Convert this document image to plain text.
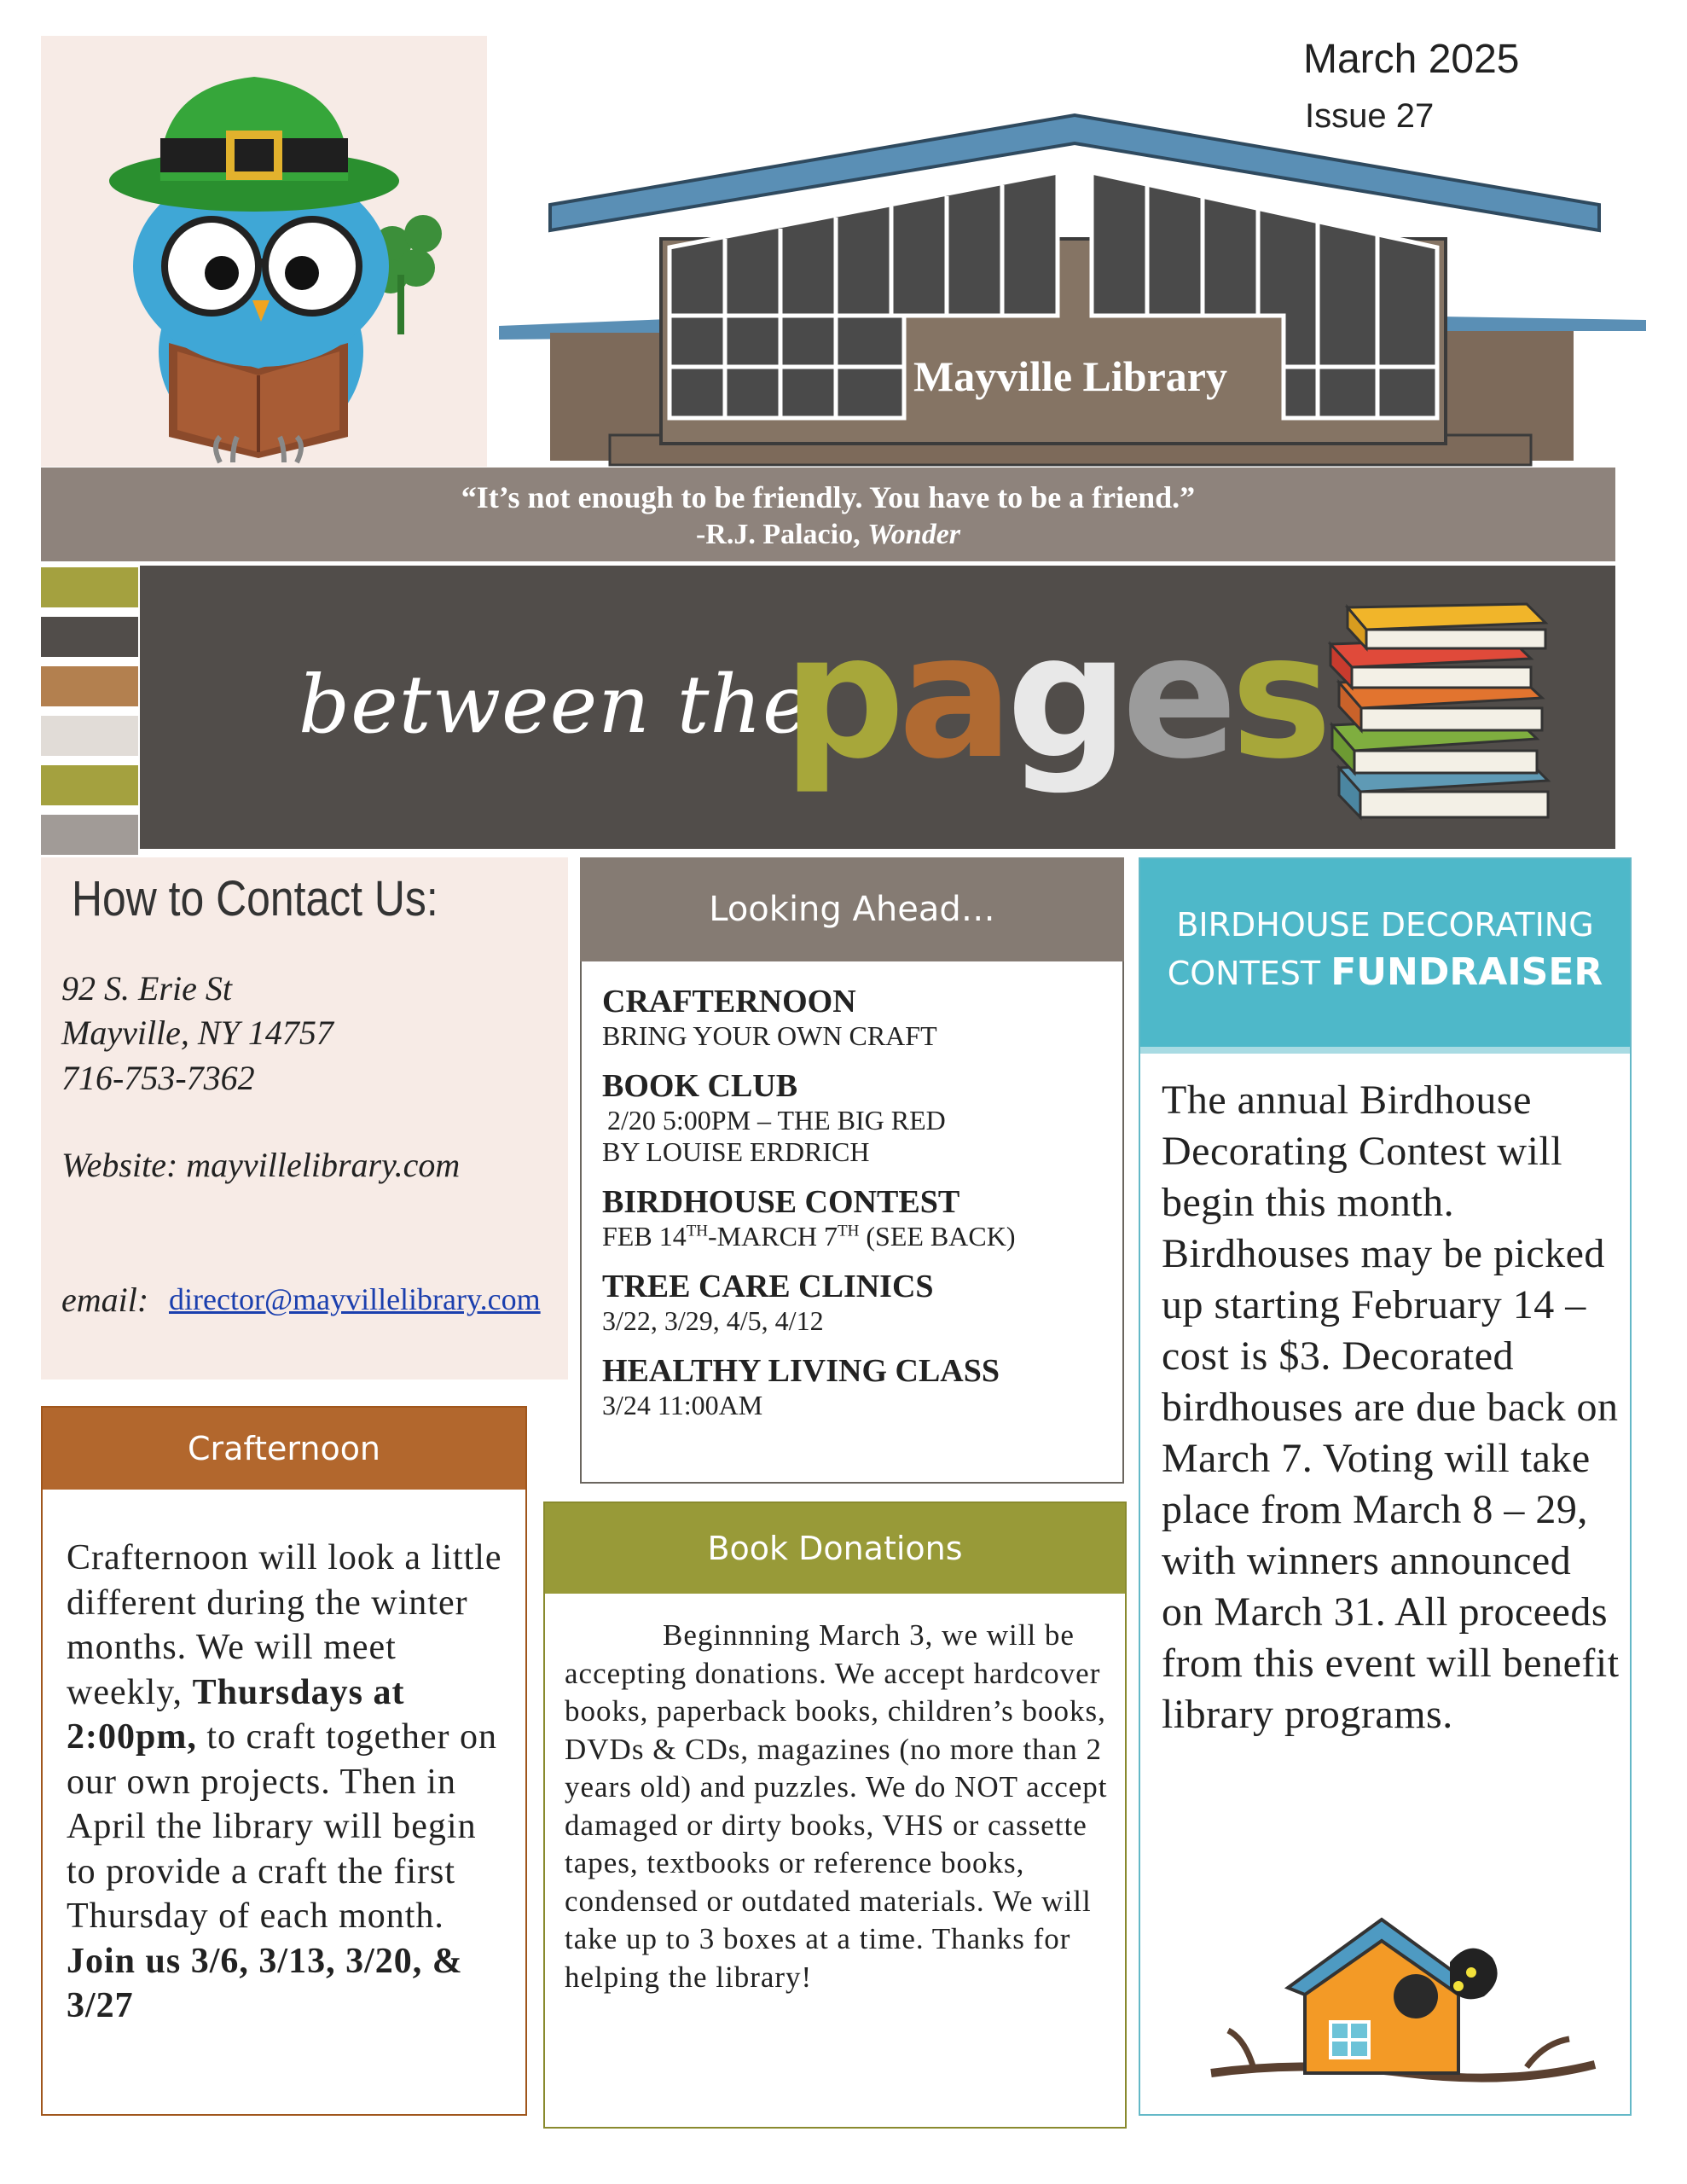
March 2025
Issue 27
Mayville Library
“It’s not enough to be friendly. You have to be a friend.”
-R.J. Palacio, Wonder
between the
pages
How to Contact Us:
92 S. Erie St
Mayville, NY 14757
716-753-7362
Website: mayvillelibrary.com
email: director@mayvillelibrary.com
Looking Ahead…
CRAFTERNOON
BRING YOUR OWN CRAFT
BOOK CLUB
2/20 5:00PM – THE BIG RED
BY LOUISE ERDRICH
BIRDHOUSE CONTEST
FEB 14TH-MARCH 7TH (SEE BACK)
TREE CARE CLINICS
3/22, 3/29, 4/5, 4/12
HEALTHY LIVING CLASS
3/24 11:00AM
BIRDHOUSE DECORATING
CONTEST FUNDRAISER
The annual Birdhouse Decorating Contest will begin this month. Birdhouses may be picked up starting February 14 – cost is $3. Decorated birdhouses are due back on March 7. Voting will take place from March 8 – 29, with winners announced on March 31. All proceeds from this event will benefit library programs.
Crafternoon
Crafternoon will look a little different during the winter months. We will meet weekly, Thursdays at 2:00pm, to craft together on our own projects. Then in April the library will begin to provide a craft the first Thursday of each month. Join us 3/6, 3/13, 3/20, & 3/27
Book Donations
Beginnning March 3, we will be accepting donations. We accept hardcover books, paperback books, children’s books, DVDs & CDs, magazines (no more than 2 years old) and puzzles. We do NOT accept damaged or dirty books, VHS or cassette tapes, textbooks or reference books, condensed or outdated materials. We will take up to 3 boxes at a time. Thanks for helping the library!
